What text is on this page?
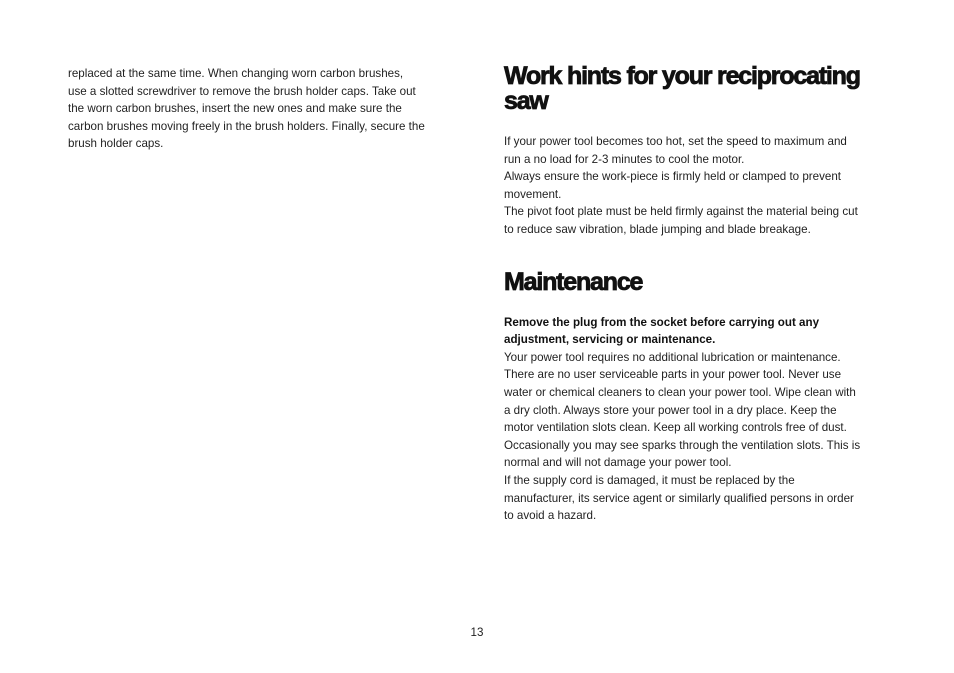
replaced at the same time. When changing worn carbon brushes,
use a slotted screwdriver to remove the brush holder caps. Take out
the worn carbon brushes, insert the new ones and make sure the
carbon brushes moving freely in the brush holders. Finally, secure the
brush holder caps.

Work hints for your reciprocating
saw

If your power tool becomes too hot, set the speed to maximum and
run a no load for 2-3 minutes to cool the motor.
Always ensure the work-piece is firmly held or clamped to prevent
movement.
The pivot foot plate must be held firmly against the material being cut
to reduce saw vibration, blade jumping and blade breakage.

Maintenance

Remove the plug from the socket before carrying out any
adjustment, servicing or maintenance.

Your power tool requires no additional lubrication or maintenance.
There are no user serviceable parts in your power tool. Never use
water or chemical cleaners to clean your power tool. Wipe clean with
a dry cloth. Always store your power tool in a dry place. Keep the
motor ventilation slots clean. Keep all working controls free of dust.
Occasionally you may see sparks through the ventilation slots. This is
normal and will not damage your power tool.
If the supply cord is damaged, it must be replaced by the
manufacturer, its service agent or similarly qualified persons in order
to avoid a hazard.

13
